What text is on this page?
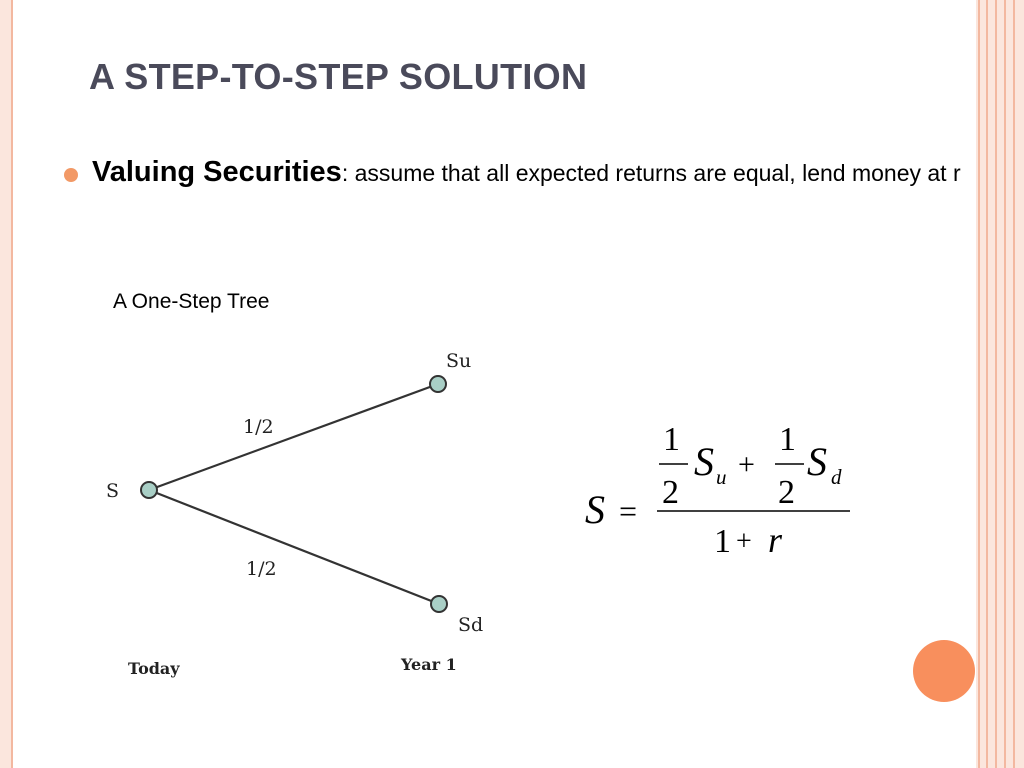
A STEP-TO-STEP SOLUTION

Valuing Securities: assume that all expected returns are equal, lend money at r

A One-Step Tree
S
Su
Sd
1/2
1/2
Today	Year 1
S =
1
2
S u +
1
2
S d
1 + r
